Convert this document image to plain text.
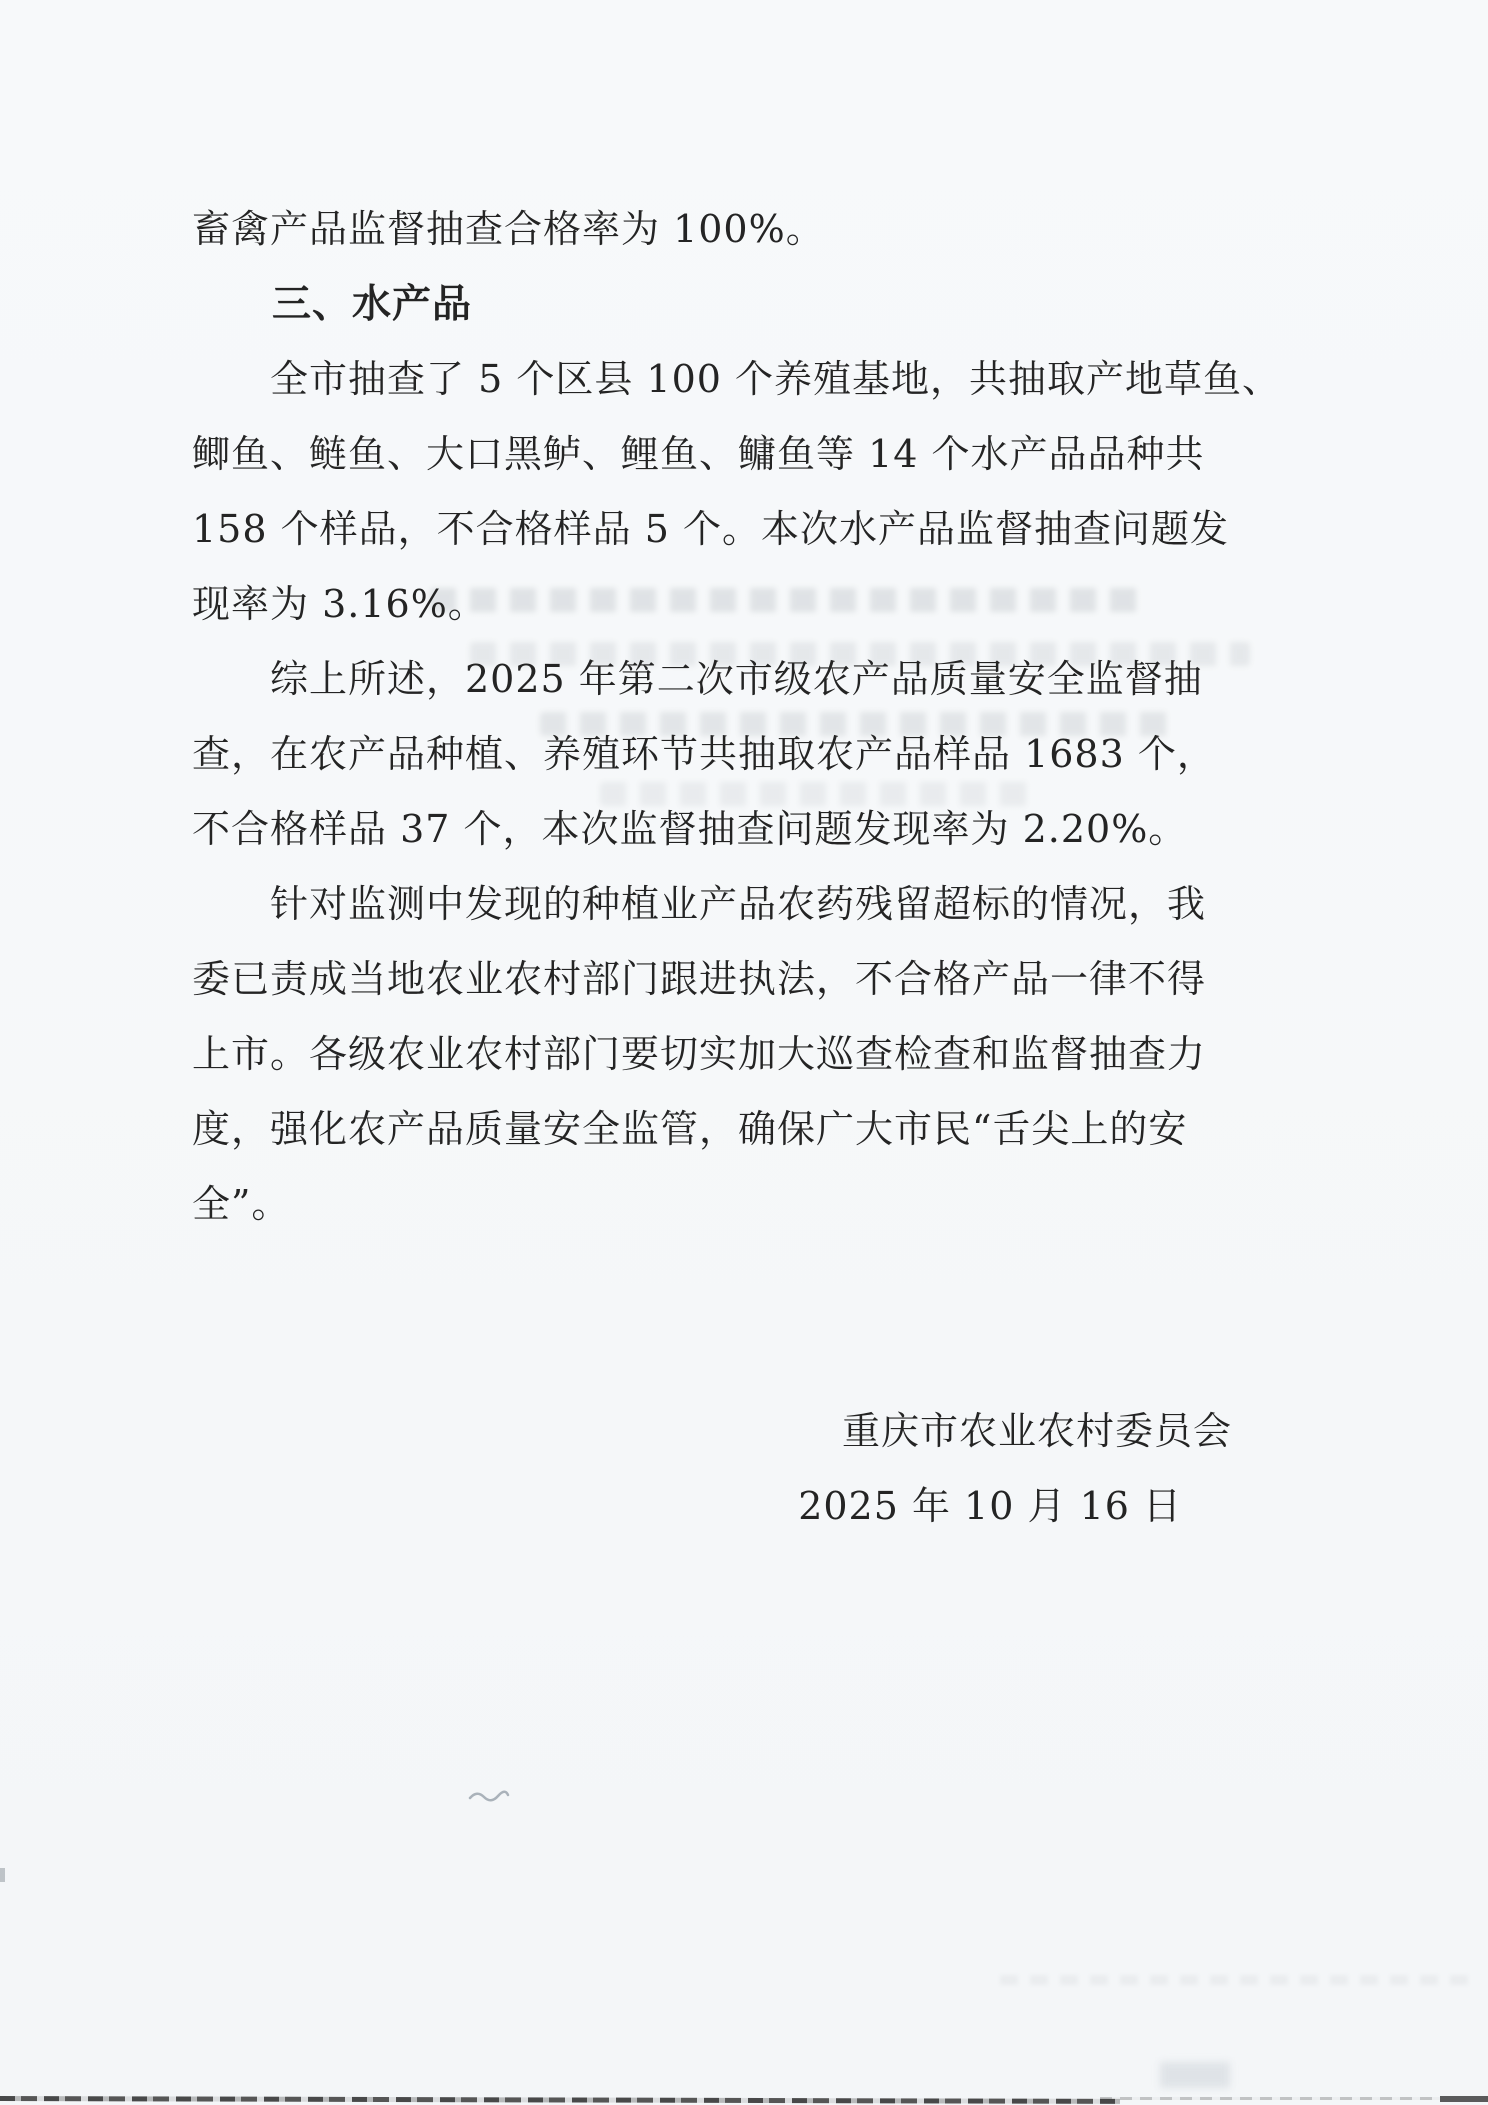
畜禽产品监督抽查合格率为 100%。
　　三、水产品
　　全市抽查了 5 个区县 100 个养殖基地，共抽取产地草鱼、
鲫鱼、鲢鱼、大口黑鲈、鲤鱼、鳙鱼等 14 个水产品品种共
158 个样品，不合格样品 5 个。本次水产品监督抽查问题发
现率为 3.16%。
　　综上所述，2025 年第二次市级农产品质量安全监督抽
查，在农产品种植、养殖环节共抽取农产品样品 1683 个，
不合格样品 37 个，本次监督抽查问题发现率为 2.20%。
　　针对监测中发现的种植业产品农药残留超标的情况，我
委已责成当地农业农村部门跟进执法，不合格产品一律不得
上市。各级农业农村部门要切实加大巡查检查和监督抽查力
度，强化农产品质量安全监管，确保广大市民“舌尖上的安
全”。
重庆市农业农村委员会
2025 年 10 月 16 日
